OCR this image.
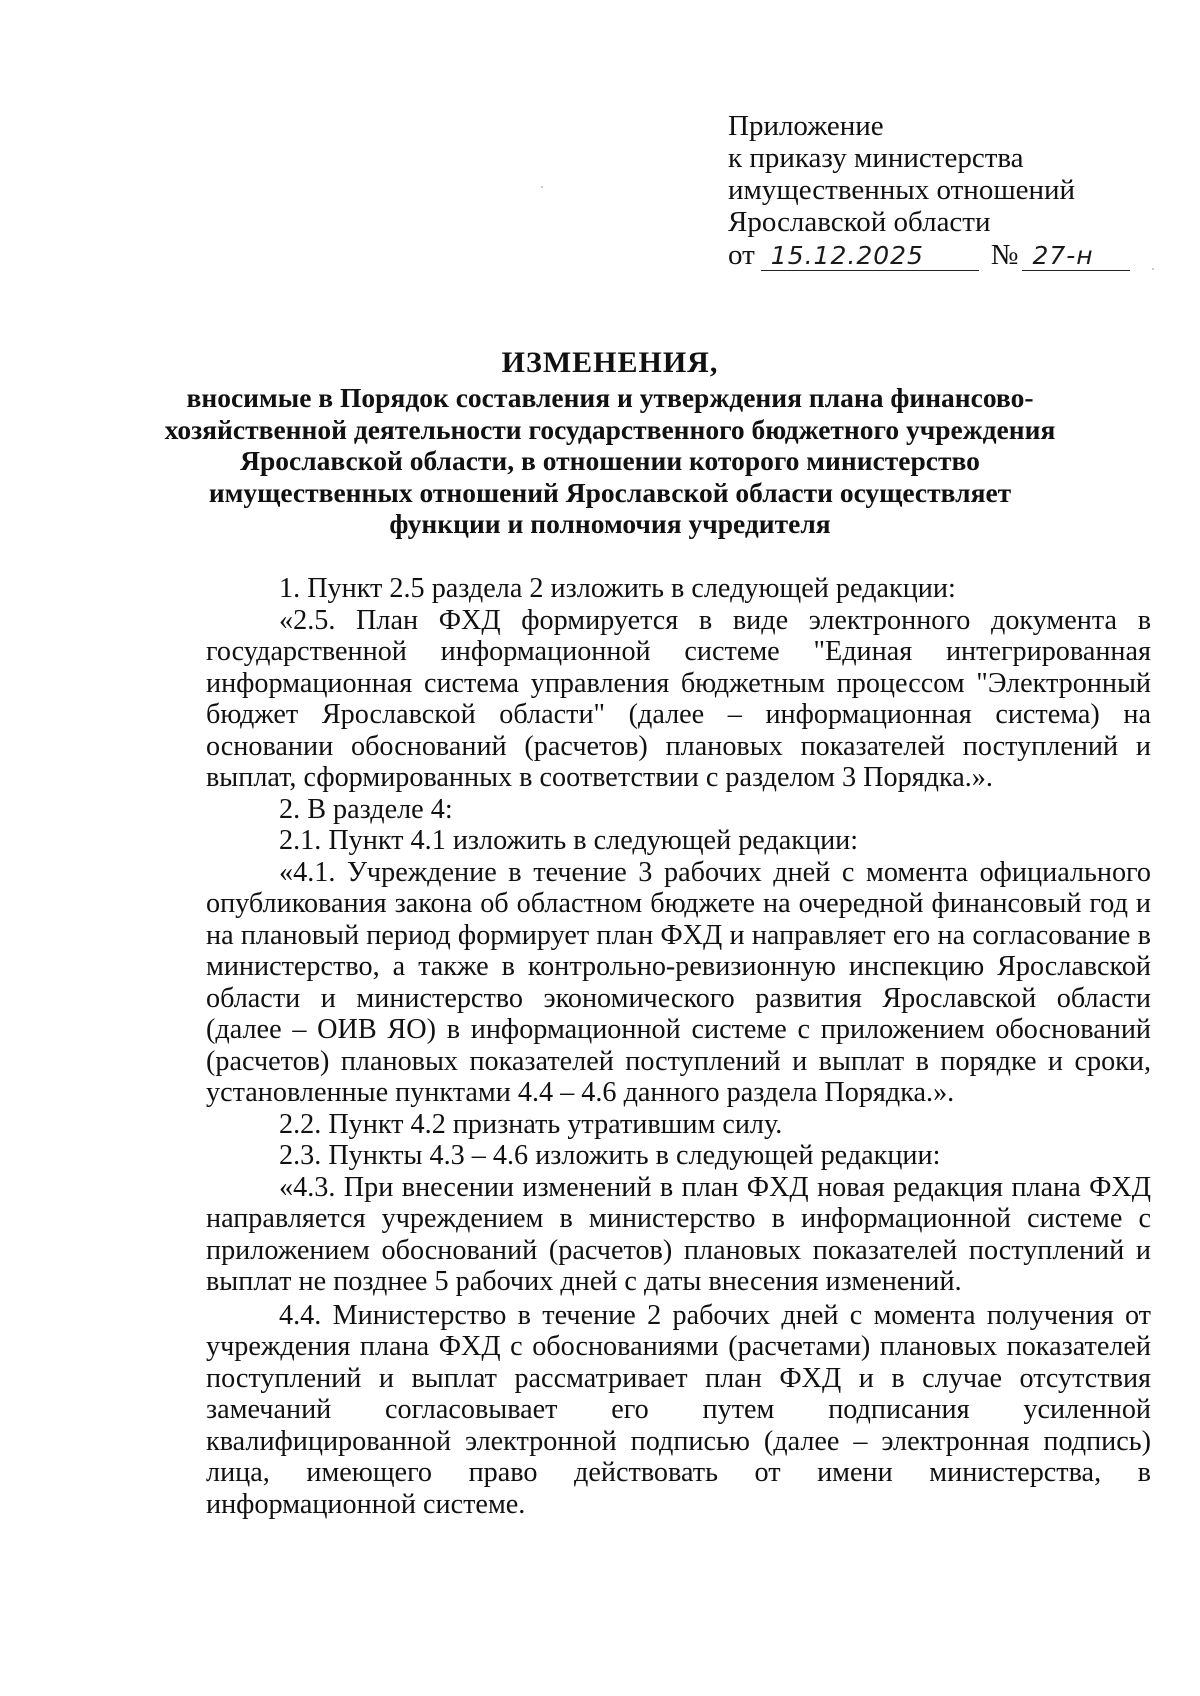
Приложение
к приказу министерства
имущественных отношений
Ярославской области
от 15.12.2025 № 27-н
ИЗМЕНЕНИЯ,
вносимые в Порядок составления и утверждения плана финансово-
хозяйственной деятельности государственного бюджетного учреждения
Ярославской области, в отношении которого министерство
имущественных отношений Ярославской области осуществляет
функции и полномочия учредителя

1. Пункт 2.5 раздела 2 изложить в следующей редакции:

«2.5. План ФХД формируется в виде электронного документа в государственной информационной системе "Единая интегрированная информационная система управления бюджетным процессом "Электронный бюджет Ярославской области" (далее – информационная система) на основании обоснований (расчетов) плановых показателей поступлений и выплат, сформированных в соответствии с разделом 3 Порядка.».

2. В разделе 4:

2.1. Пункт 4.1 изложить в следующей редакции:

«4.1. Учреждение в течение 3 рабочих дней с момента официального опубликования закона об областном бюджете на очередной финансовый год и на плановый период формирует план ФХД и направляет его на согласование в министерство, а также в контрольно-ревизионную инспекцию Ярославской области и министерство экономического развития Ярославской области (далее – ОИВ ЯО) в информационной системе с приложением обоснований (расчетов) плановых показателей поступлений и выплат в порядке и сроки, установленные пунктами 4.4 – 4.6 данного раздела Порядка.».

2.2. Пункт 4.2 признать утратившим силу.

2.3. Пункты 4.3 – 4.6 изложить в следующей редакции:

«4.3. При внесении изменений в план ФХД новая редакция плана ФХД направляется учреждением в министерство в информационной системе с приложением обоснований (расчетов) плановых показателей поступлений и выплат не позднее 5 рабочих дней с даты внесения изменений.

4.4. Министерство в течение 2 рабочих дней с момента получения от учреждения плана ФХД с обоснованиями (расчетами) плановых показателей поступлений и выплат рассматривает план ФХД и в случае отсутствия замечаний согласовывает его путем подписания усиленной квалифицированной электронной подписью (далее – электронная подпись) лица, имеющего право действовать от имени министерства, в информационной системе.
